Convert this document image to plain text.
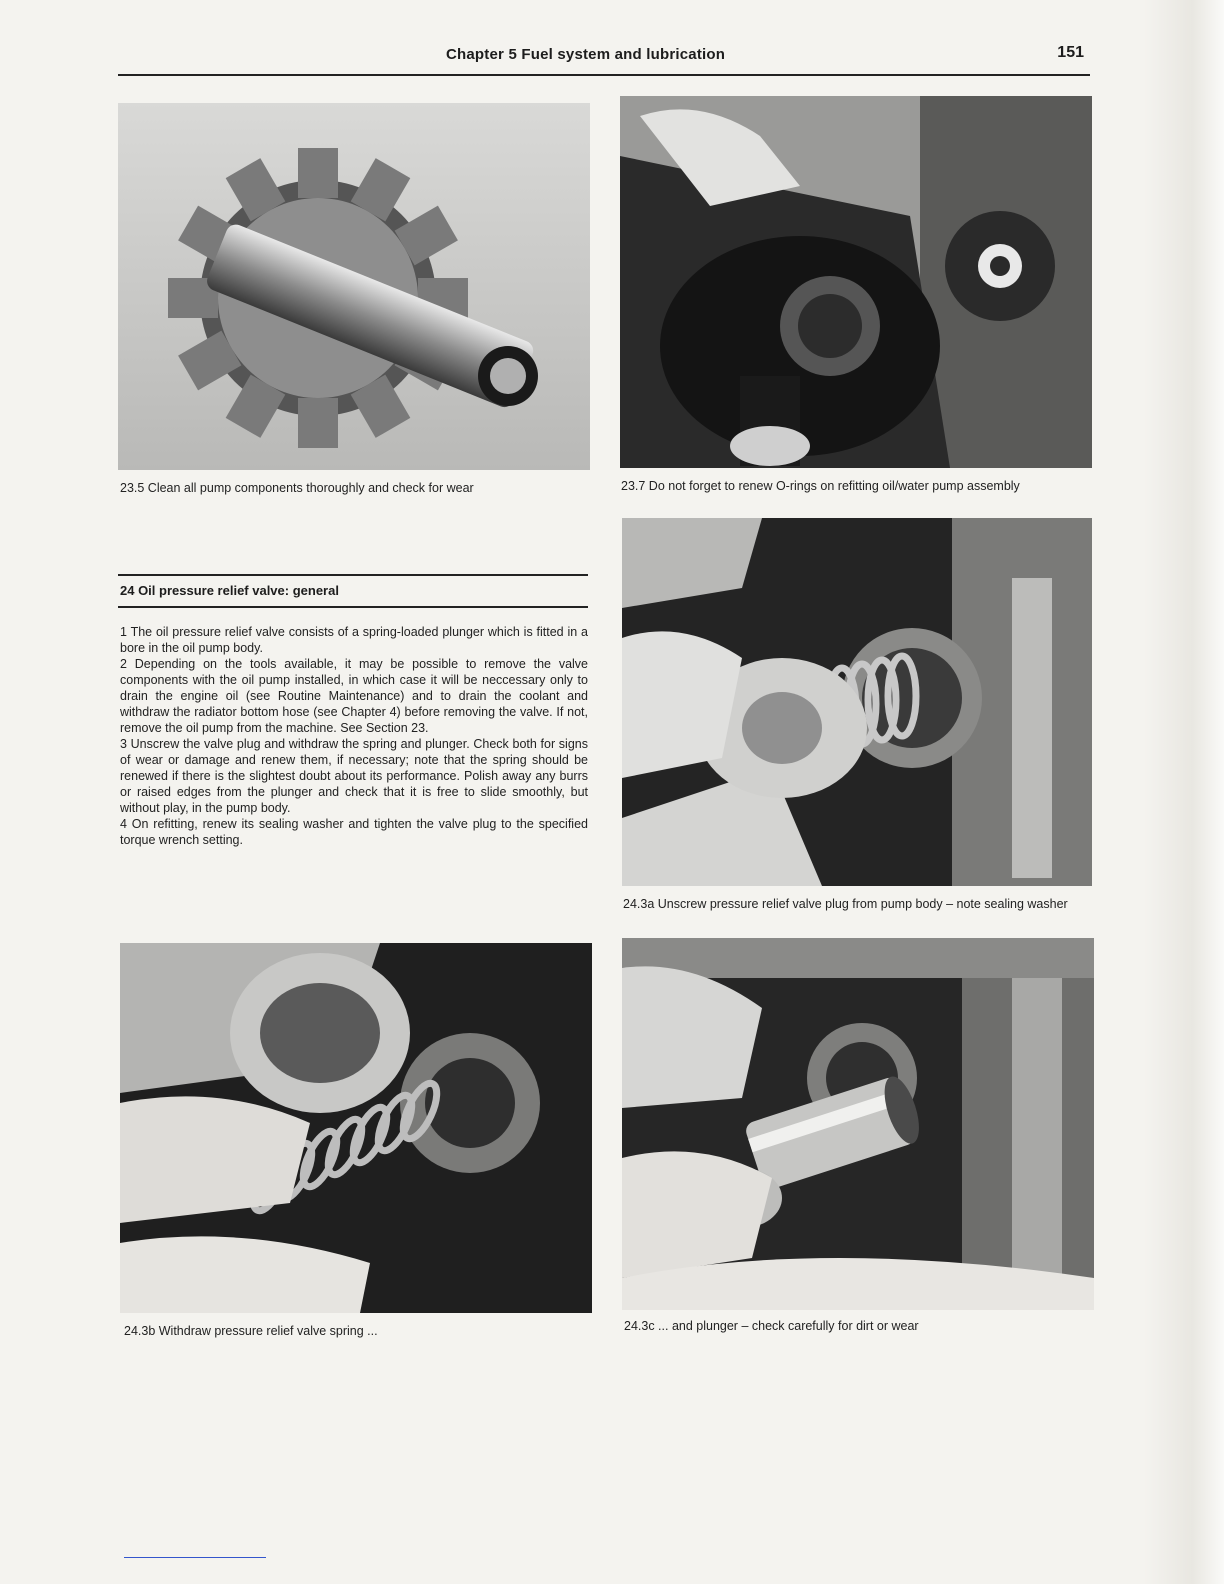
Chapter 5 Fuel system and lubrication	151
23.5 Clean all pump components thoroughly and check for wear	23.7 Do not forget to renew O-rings on refitting oil/water pump assembly
24 Oil pressure relief valve: general

1 The oil pressure relief valve consists of a spring-loaded plunger which is fitted in a bore in the oil pump body.

2 Depending on the tools available, it may be possible to remove the valve components with the oil pump installed, in which case it will be neccessary only to drain the engine oil (see Routine Maintenance) and to drain the coolant and withdraw the radiator bottom hose (see Chapter 4) before removing the valve. If not, remove the oil pump from the machine. See Section 23.

3 Unscrew the valve plug and withdraw the spring and plunger. Check both for signs of wear or damage and renew them, if necessary; note that the spring should be renewed if there is the slightest doubt about its performance. Polish away any burrs or raised edges from the plunger and check that it is free to slide smoothly, but without play, in the pump body.

4 On refitting, renew its sealing washer and tighten the valve plug to the specified torque wrench setting.

24.3a Unscrew pressure relief valve plug from pump body – note sealing washer
24.3b Withdraw pressure relief valve spring ...	24.3c ... and plunger – check carefully for dirt or wear
